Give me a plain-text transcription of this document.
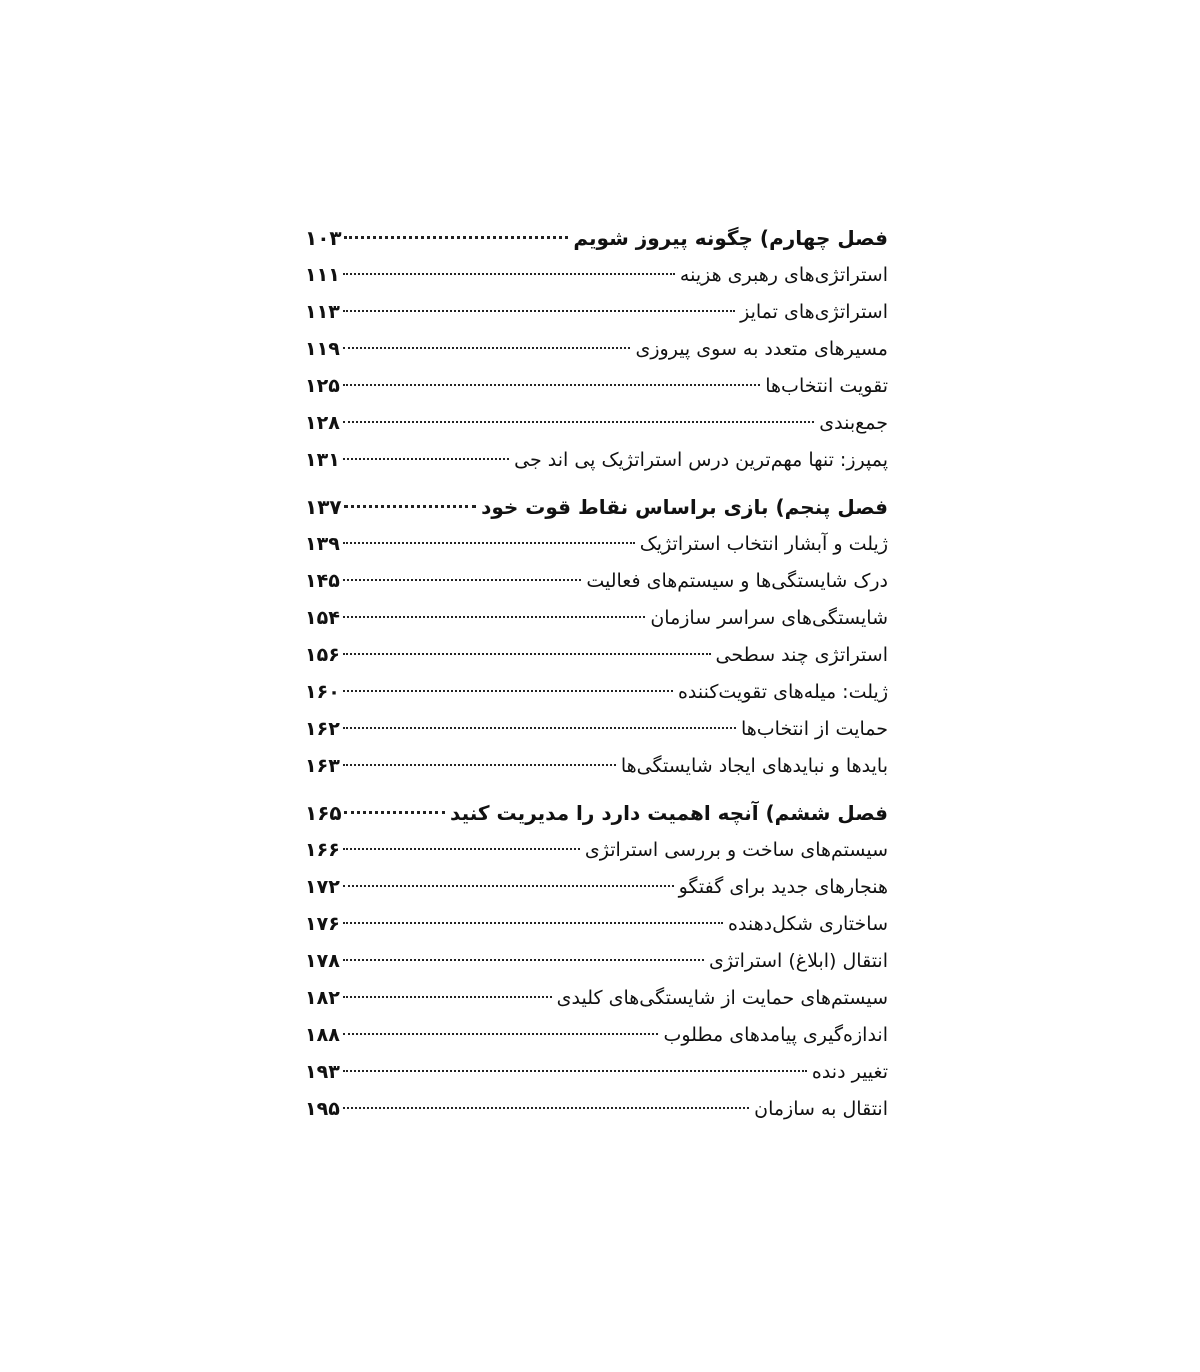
فصل چهارم) چگونه پیروز شویم
۱۰۳
استراتژی‌های رهبری هزینه
۱۱۱
استراتژی‌های تمایز
۱۱۳
مسیرهای متعدد به سوی پیروزی
۱۱۹
تقویت انتخاب‌ها
۱۲۵
جمع‌بندی
۱۲۸
پمپرز: تنها مهم‌ترین درس استراتژیک پی اند جی
۱۳۱
فصل پنجم) بازی براساس نقاط قوت خود
۱۳۷
ژیلت و آبشار انتخاب استراتژیک
۱۳۹
درک شایستگی‌ها و سیستم‌های فعالیت
۱۴۵
شایستگی‌های سراسر سازمان
۱۵۴
استراتژی چند سطحی
۱۵۶
ژیلت: میله‌های تقویت‌کننده
۱۶۰
حمایت از انتخاب‌ها
۱۶۲
بایدها و نبایدهای ایجاد شایستگی‌ها
۱۶۳
فصل ششم) آنچه اهمیت دارد را مدیریت کنید
۱۶۵
سیستم‌های ساخت و بررسی استراتژی
۱۶۶
هنجارهای جدید برای گفتگو
۱۷۲
ساختاری شکل‌دهنده
۱۷۶
انتقال (ابلاغ) استراتژی
۱۷۸
سیستم‌های حمایت از شایستگی‌های کلیدی
۱۸۲
اندازه‌گیری پیامدهای مطلوب
۱۸۸
تغییر دنده
۱۹۳
انتقال به سازمان
۱۹۵
